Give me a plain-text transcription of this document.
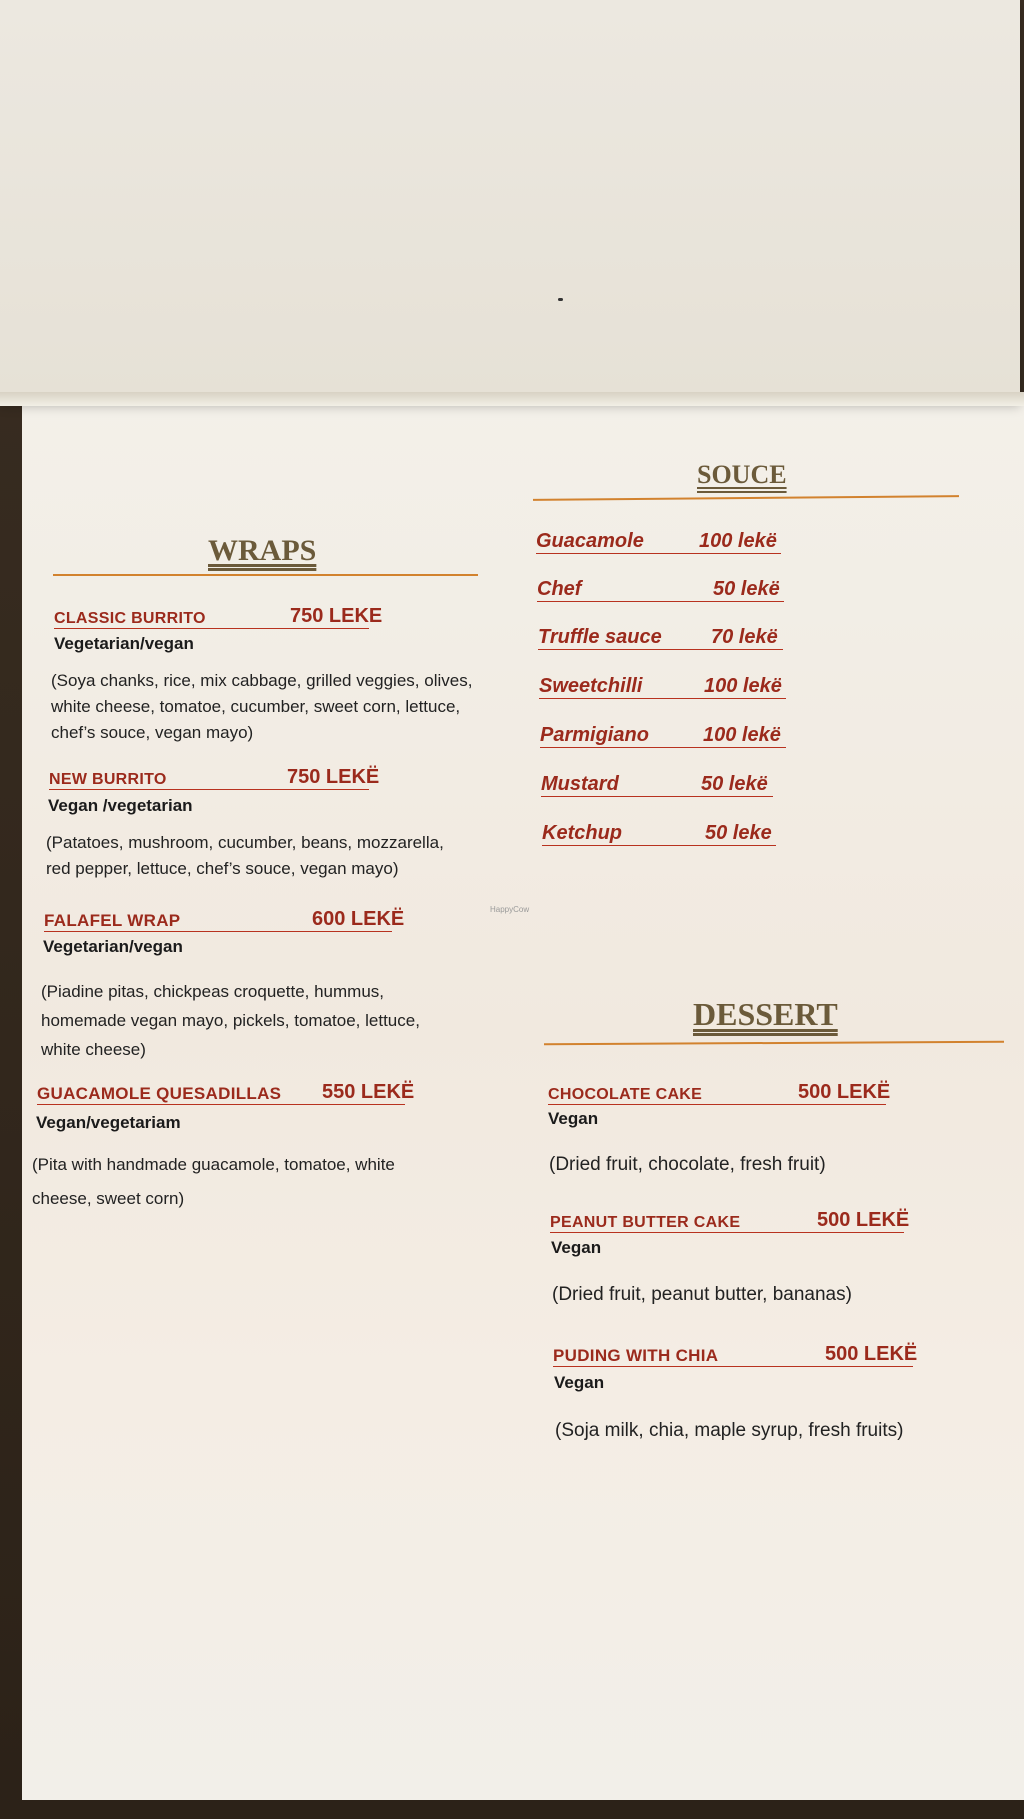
WRAPS
CLASSIC BURRITO	750 LEKE
Vegetarian/vegan
(Soya chanks, rice, mix cabbage, grilled veggies, olives,
white cheese, tomatoe, cucumber, sweet corn, lettuce,
chef’s souce, vegan mayo)
NEW BURRITO	750 LEKË
Vegan /vegetarian
(Patatoes, mushroom, cucumber, beans, mozzarella,
red pepper, lettuce, chef’s souce, vegan mayo)
FALAFEL WRAP	600 LEKË
Vegetarian/vegan
(Piadine pitas, chickpeas croquette, hummus,
homemade vegan mayo, pickels, tomatoe, lettuce,
white cheese)
GUACAMOLE QUESADILLAS 550 LEKË
Vegan/vegetariam
(Pita with handmade guacamole, tomatoe, white
cheese, sweet corn)
SOUCE
Guacamole	100 lekë
Chef	50 lekë
Truffle sauce 70 lekë
Sweetchilli	100 lekë
Parmigiano	100 lekë
Mustard	50 lekë
Ketchup	50 leke
HappyCow
DESSERT
CHOCOLATE CAKE	500 LEKË
Vegan
(Dried fruit, chocolate, fresh fruit)
PEANUT BUTTER CAKE	500 LEKË
Vegan
(Dried fruit, peanut butter, bananas)
PUDING WITH CHIA	500 LEKË
Vegan
(Soja milk, chia, maple syrup, fresh fruits)
